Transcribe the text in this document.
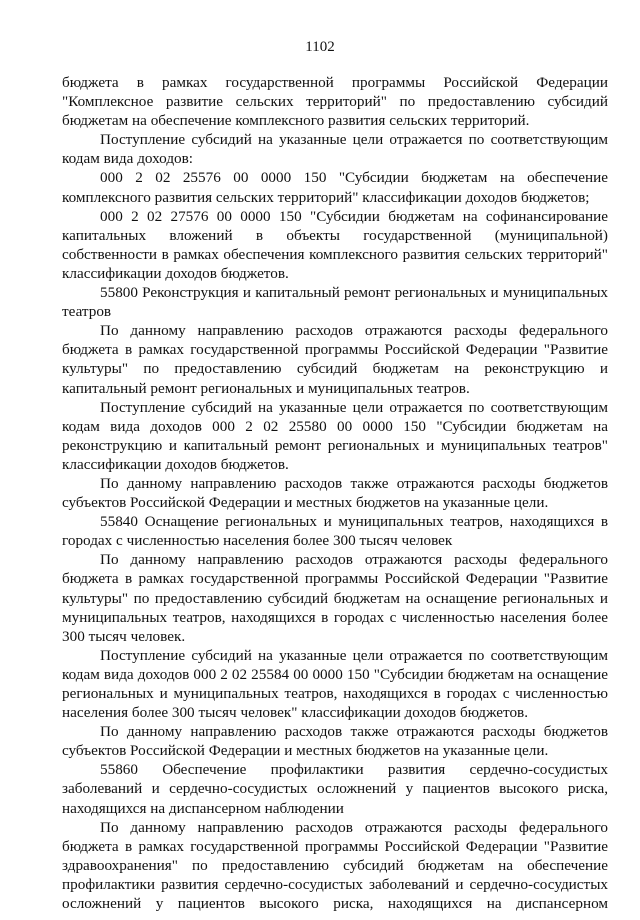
1102

бюджета в рамках государственной программы Российской Федерации "Комплексное развитие сельских территорий" по предоставлению субсидий бюджетам на обеспечение комплексного развития сельских территорий.

Поступление субсидий на указанные цели отражается по соответствующим кодам вида доходов:

000 2 02 25576 00 0000 150 "Субсидии бюджетам на обеспечение комплексного развития сельских территорий" классификации доходов бюджетов;

000 2 02 27576 00 0000 150 "Субсидии бюджетам на софинансирование капитальных вложений в объекты государственной (муниципальной) собственности в рамках обеспечения комплексного развития сельских территорий" классификации доходов бюджетов.

55800 Реконструкция и капитальный ремонт региональных и муниципальных театров

По данному направлению расходов отражаются расходы федерального бюджета в рамках государственной программы Российской Федерации "Развитие культуры" по предоставлению субсидий бюджетам на реконструкцию и капитальный ремонт региональных и муниципальных театров.

Поступление субсидий на указанные цели отражается по соответствующим кодам вида доходов 000 2 02 25580 00 0000 150 "Субсидии бюджетам на реконструкцию и капитальный ремонт региональных и муниципальных театров" классификации доходов бюджетов.

По данному направлению расходов также отражаются расходы бюджетов субъектов Российской Федерации и местных бюджетов на указанные цели.

55840 Оснащение региональных и муниципальных театров, находящихся в городах с численностью населения более 300 тысяч человек

По данному направлению расходов отражаются расходы федерального бюджета в рамках государственной программы Российской Федерации "Развитие культуры" по предоставлению субсидий бюджетам на оснащение региональных и муниципальных театров, находящихся в городах с численностью населения более 300 тысяч человек.

Поступление субсидий на указанные цели отражается по соответствующим кодам вида доходов 000 2 02 25584 00 0000 150 "Субсидии бюджетам на оснащение региональных и муниципальных театров, находящихся в городах с численностью населения более 300 тысяч человек" классификации доходов бюджетов.

По данному направлению расходов также отражаются расходы бюджетов субъектов Российской Федерации и местных бюджетов на указанные цели.

55860 Обеспечение профилактики развития сердечно-сосудистых заболеваний и сердечно-сосудистых осложнений у пациентов высокого риска, находящихся на диспансерном наблюдении

По данному направлению расходов отражаются расходы федерального бюджета в рамках государственной программы Российской Федерации "Развитие здравоохранения" по предоставлению субсидий бюджетам на обеспечение профилактики развития сердечно-сосудистых заболеваний и сердечно-сосудистых осложнений у пациентов высокого риска, находящихся на диспансерном
